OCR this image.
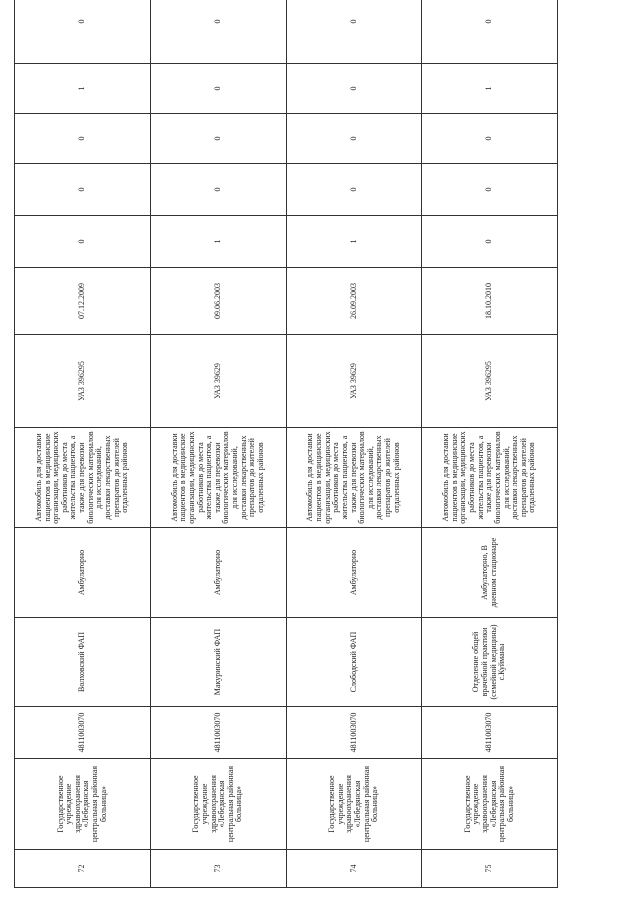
72	Государственное учреждение здравоохранения «Лебедянская центральная районная больница»	4811003070	Волховский ФАП	Амбулаторно	Автомобиль для доставки пациентов в медицинские организации, медицинских работников до места жительства пациентов, а также для перевозки биологических материалов для исследований, доставки лекарственных препаратов до жителей отдаленных районов	УАЗ 396295	07.12.2009	0	0	0	1	0
73	Государственное учреждение здравоохранения «Лебедянская центральная районная больница»	4811003070	Макуринский ФАП	Амбулаторно	Автомобиль для доставки пациентов в медицинские организации, медицинских работников до места жительства пациентов, а также для перевозки биологических материалов для исследований, доставки лекарственных препаратов до жителей отдаленных районов	УАЗ 39629	09.06.2003	1	0	0	0	0
74	Государственное учреждение здравоохранения «Лебедянская центральная районная больница»	4811003070	Слободский ФАП	Амбулаторно	Автомобиль для доставки пациентов в медицинские организации, медицинских работников до места жительства пациентов, а также для перевозки биологических материалов для исследований, доставки лекарственных препаратов до жителей отдаленных районов	УАЗ 39629	26.09.2003	1	0	0	0	0
75	Государственное учреждение здравоохранения «Лебедянская центральная районная больница»	4811003070	Отделение общей врачебной практики (семейной медицины) с.Куйманы	Амбулаторно, В дневном стационаре	Автомобиль для доставки пациентов в медицинские организации, медицинских работников до места жительства пациентов, а также для перевозки биологических материалов для исследований, доставки лекарственных препаратов до жителей отдаленных районов	УАЗ 396295	18.10.2010	0	0	0	1	0
